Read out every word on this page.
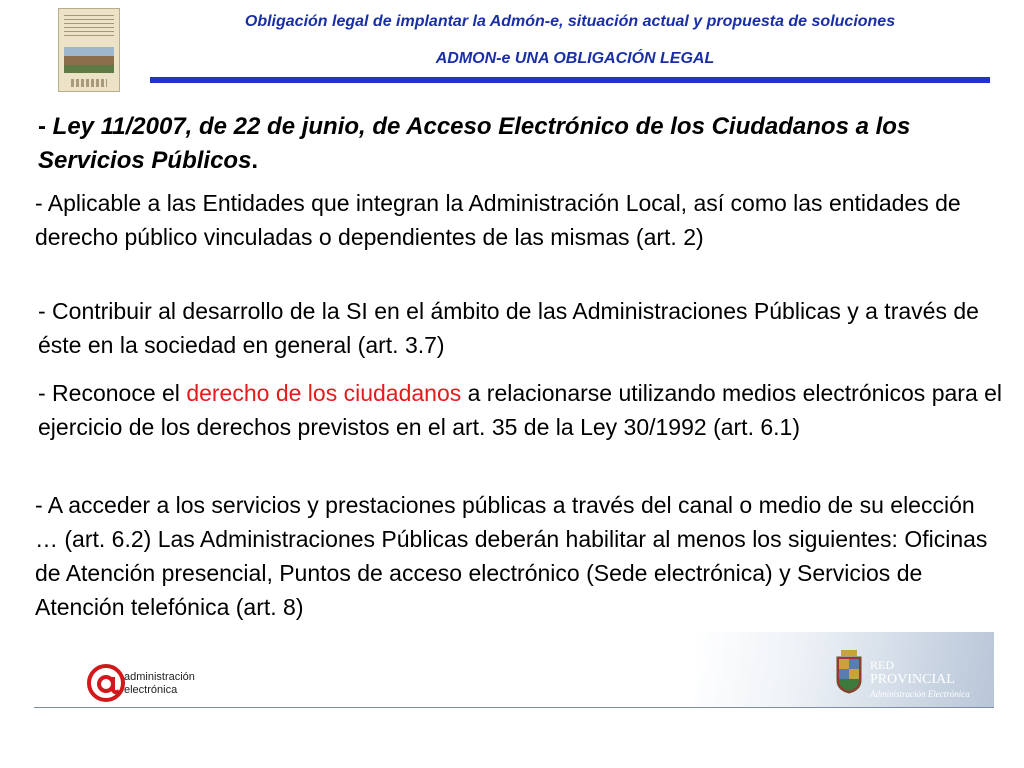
Obligación legal de implantar la Admón-e, situación actual y propuesta de soluciones
ADMON-e UNA OBLIGACIÓN LEGAL
- Ley 11/2007, de 22 de junio, de Acceso Electrónico de los Ciudadanos a los Servicios Públicos.
- Aplicable a las Entidades que integran la Administración Local, así como las entidades de derecho público vinculadas o dependientes de las mismas (art. 2)
- Contribuir al desarrollo de la SI en el ámbito de las Administraciones Públicas y a través de éste en la sociedad en general (art. 3.7)
- Reconoce el derecho de los ciudadanos a relacionarse utilizando medios electrónicos para el ejercicio de los derechos previstos en el art. 35 de la Ley 30/1992 (art. 6.1)
- A acceder a los servicios y prestaciones públicas a través del canal o medio de su elección … (art. 6.2) Las Administraciones Públicas deberán habilitar al menos los siguientes: Oficinas de Atención presencial, Puntos de acceso electrónico (Sede electrónica) y Servicios de Atención telefónica (art. 8)
administración
electrónica
RED
PROVINCIAL
Administración Electrónica
